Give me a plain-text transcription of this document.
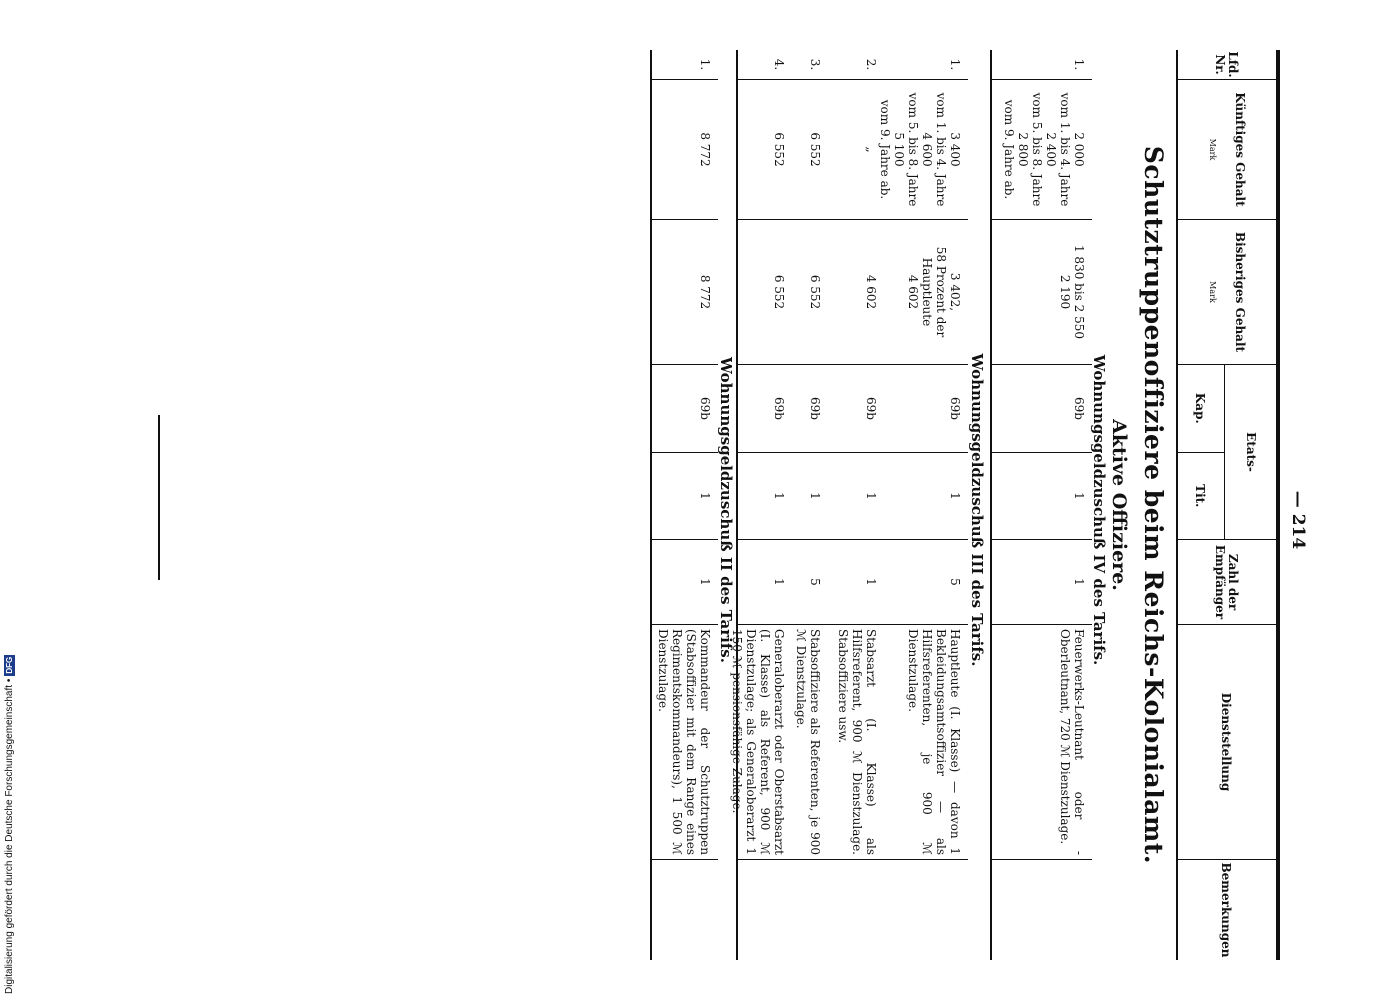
— 214 —
Lfd. Nr.
Künftiges Gehalt
Mark
Bisheriges Gehalt
Mark
Etats-
Kap.
Tit.
Zahl der Empfänger
Dienststellung
Bemerkungen
Schutztruppenoffiziere beim Reichs-Kolonialamt.
Aktive Offiziere.
Wohnungsgeldzuschuß IV des Tarifs.
1.
2 000
vom 1. bis 4. Jahre
2 400
vom 5. bis 8. Jahre
2 800
vom 9. Jahre ab.
1 830 bis 2 550
2 190
69b
1
1
Feuerwerks-Leutnant oder -Oberleutnant, 720 ℳ Dienstzulage.
Wohnungsgeldzuschuß III des Tarifs.
1.
3 400
vom 1. bis 4. Jahre
4 600
vom 5. bis 8. Jahre
5 100
vom 9. Jahre ab.
3 402,
58 Prozent der Hauptleute
4 602
69b
1
5
Hauptleute (I. Klasse) — davon 1 Bekleidungsamtsoffizier — als Hilfsreferenten, je 900 ℳ Dienstzulage.
2.
„
4 602
69b
1
1
Stabsarzt (I. Klasse) als Hilfsreferent, 900 ℳ Dienstzulage. Stabsoffiziere usw.
3.
6 552
6 552
69b
1
5
Stabsoffiziere als Referenten, je 900 ℳ Dienstzulage.
4.
6 552
6 552
69b
1
1
Generaloberarzt oder Oberstabsarzt (I. Klasse) als Referent, 900 ℳ Dienstzulage; als Generaloberarzt 1 150 ℳ pensionsfähige Zulage.
Wohnungsgeldzuschuß II des Tarifs.
1.
8 772
8 772
69b
1
1
Kommandeur der Schutztruppen (Stabsoffizier mit dem Range eines Regimentskommandeurs), 1 500 ℳ Dienstzulage.
Digitalisierung gefördert durch die Deutsche Forschungsgemeinschaft •DFG
